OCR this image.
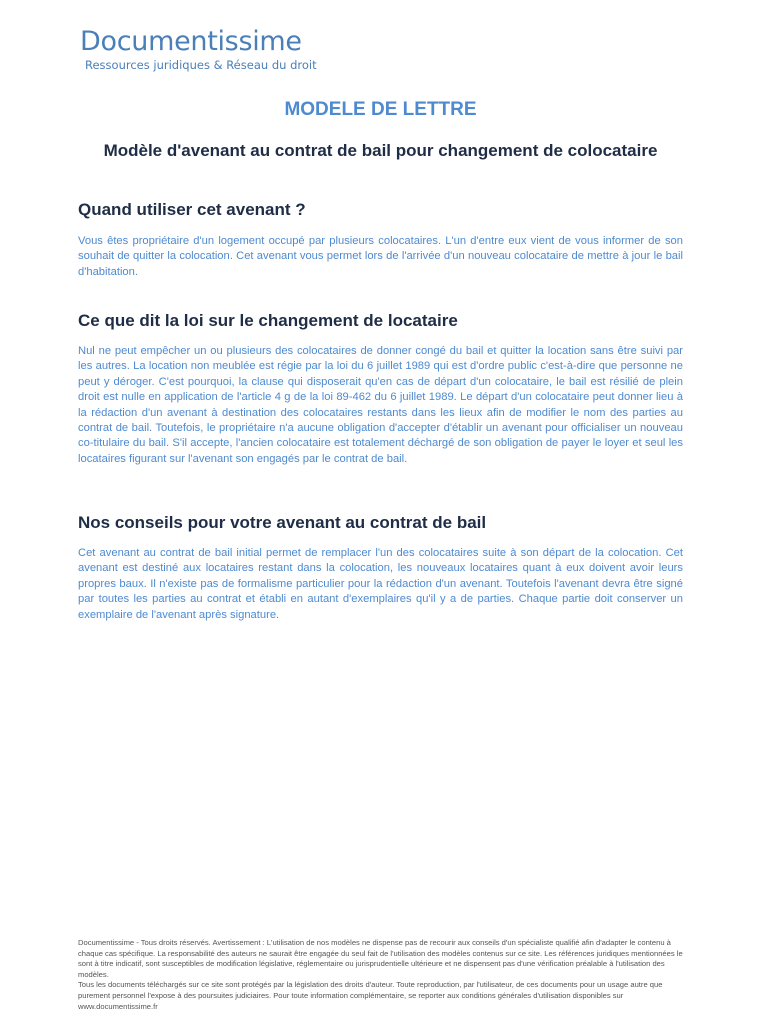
Documentissime
Ressources juridiques & Réseau du droit
MODELE DE LETTRE
Modèle d'avenant au contrat de bail pour changement de colocataire
Quand utiliser cet avenant ?

Vous êtes propriétaire d'un logement occupé par plusieurs colocataires. L'un d'entre eux vient de vous informer de son souhait de quitter la colocation. Cet avenant vous permet lors de l'arrivée d'un nouveau colocataire de mettre à jour le bail d'habitation.

Ce que dit la loi sur le changement de locataire

Nul ne peut empêcher un ou plusieurs des colocataires de donner congé du bail et quitter la location sans être suivi par les autres. La location non meublée est régie par la loi du 6 juillet 1989 qui est d'ordre public c'est-à-dire que personne ne peut y déroger. C'est pourquoi, la clause qui disposerait qu'en cas de départ d'un colocataire, le bail est résilié de plein droit est nulle en application de l'article 4 g de la loi 89-462 du 6 juillet 1989. Le départ d'un colocataire peut donner lieu à la rédaction d'un avenant à destination des colocataires restants dans les lieux afin de modifier le nom des parties au contrat de bail. Toutefois, le propriétaire n'a aucune obligation d'accepter d'établir un avenant pour officialiser un nouveau co-titulaire du bail. S'il accepte, l'ancien colocataire est totalement déchargé de son obligation de payer le loyer et seul les locataires figurant sur l'avenant son engagés par le contrat de bail.

Nos conseils pour votre avenant au contrat de bail

Cet avenant au contrat de bail initial permet de remplacer l'un des colocataires suite à son départ de la colocation. Cet avenant est destiné aux locataires restant dans la colocation, les nouveaux locataires quant à eux doivent avoir leurs propres baux. Il n'existe pas de formalisme particulier pour la rédaction d'un avenant. Toutefois l'avenant devra être signé par toutes les parties au contrat et établi en autant d'exemplaires qu'il y a de parties. Chaque partie doit conserver un exemplaire de l'avenant après signature.

Documentissime - Tous droits réservés. Avertissement : L'utilisation de nos modèles ne dispense pas de recourir aux conseils d'un spécialiste qualifié afin d'adapter le contenu à chaque cas spécifique. La responsabilité des auteurs ne saurait être engagée du seul fait de l'utilisation des modèles contenus sur ce site. Les références juridiques mentionnées le sont à titre indicatif, sont susceptibles de modification législative, réglementaire ou jurisprudentielle ultérieure et ne dispensent pas d'une vérification préalable à l'utilisation des modèles.
Tous les documents téléchargés sur ce site sont protégés par la législation des droits d'auteur. Toute reproduction, par l'utilisateur, de ces documents pour un usage autre que purement personnel l'expose à des poursuites judiciaires. Pour toute information complémentaire, se reporter aux conditions générales d'utilisation disponibles sur www.documentissime.fr
